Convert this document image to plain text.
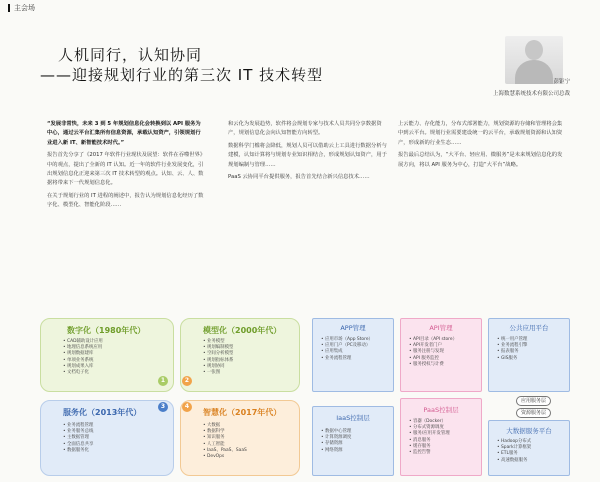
主会场
人机同行，认知协同
——迎接规划行业的第三次 IT 技术转型	彭钜宁
上海数慧系统技术有限公司总裁

“发展非常快，未来 3 到 5 年规划信息化会转换到以 API 服务为中心，通过云平台汇集所有信息资源，承载认知资产，引领规划行业进入新 IT、新智能技术时代。”

报告首先分享了《2017 年软件行业现状及展望：软件在吞噬世界》中的观点，提出了全新的 IT 认知。近一年的软件行业发展变化，引出规划信息化正迎来第三次 IT 技术转型的观点。认知、云、人、数据将带来下一代规划信息化。

在关于规划行业的 IT 进程的阐述中，报告认为规划信息化经历了数字化、模型化、智能化阶段……

和云化为发展趋势，软件将会规划专家与技术人员共同分享数据资产，规划信息化会向认知智能方向转型。

数据科学门槛将会降低，规划人员可以借助云上工具进行数据分析与建模，认知计算将与规划专业知识相结合，形成规划认知资产，用于规划编制与管理……

PaaS 云协同平台提供服务，报告首先结合新兴信息技术……

上云能力、存化能力，分布式部署能力，规划资源的存储和管理将会集中到云平台。规划行业需要建设统一的云平台，承载规划资源和认知资产，形成新的行业生态……

报告最后总结认为，“大平台、轻应用、微服务”是未来规划信息化的发展方向，将以 API 服务为中心，打造“大平台”战略。

数字化（1980年代）
• CAD辅助设计应用
• 地理信息系统应用
• 规划数据建库
• 单项业务系统
• 规划成果入库
• 文档电子化
1
模型化（2000年代）
• 业务模型
• 规划编制模型
• 空间分析模型
• 规划指标体系
• 规划协同
• 一张图
2
服务化（2013年代）
• 业务流程管理
• 业务服务总线
• 主数据管理
• 全面信息共享
• 数据服务化
3
智慧化（2017年代）
• 大数据
• 数据科学
• 知识服务
• 人工智能
• IaaS、PaaS、SaaS
• DevOps
4
APP管理
• 应用市场（App Store）
• 应用门户（PC及移动）
• 应用集成
• 业务流程管理
API管理
• API目录（API store）
• API开发者门户
• 服务注册与发现
• API 服务监控
• 服务授权与计费
公共应用平台
• 统一用户管理
• 业务流程引擎
• 报表服务
• GIS服务
应用服务层
资源服务层
IaaS控制层
• 数据中心管理
• 计算资源调度
• 存储资源
• 网络资源
PaaS控制层
• 容器（Docker）
• 分布式资源调度
• 服务/应用开发管理
• 消息服务
• 缓存服务
• 监控告警
大数据服务平台
• Hadoop分布式
• Spark计算框架
• ETL服务
• 高速数据服务
